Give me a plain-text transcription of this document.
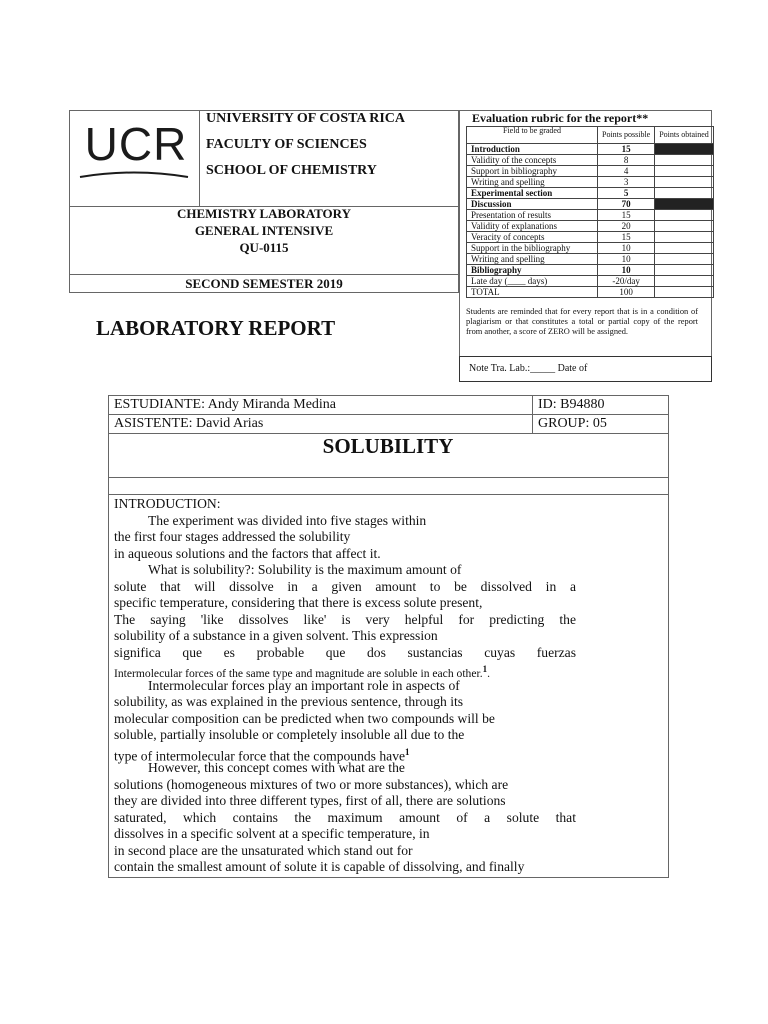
UCR	UNIVERSITY OF COSTA RICA
FACULTY OF SCIENCES
SCHOOL OF CHEMISTRY
CHEMISTRY LABORATORY
GENERAL INTENSIVE
QU-0115
SECOND SEMESTER 2019
LABORATORY REPORT
Evaluation rubric for the report**
Field to be graded	Points possible	Points obtained
Introduction	15	
Validity of the concepts	8	
Support in bibliography	4	
Writing and spelling	3	
Experimental section	5	
Discussion	70	
Presentation of results	15	
Validity of explanations	20	
Veracity of concepts	15	
Support in the bibliography	10	
Writing and spelling	10	
Bibliography	10	
Late day (____ days)	-20/day	
TOTAL	100	
Students are reminded that for every report that is in a condition of plagiarism or that constitutes a total or partial copy of the report from another, a score of ZERO will be assigned.
Note Tra. Lab.:_____ Date of
ESTUDIANTE: Andy Miranda Medina	ID: B94880
ASISTENTE: David Arias	GROUP: 05
SOLUBILITY
INTRODUCTION:
The experiment was divided into five stages within
the first four stages addressed the solubility
in aqueous solutions and the factors that affect it.
What is solubility?: Solubility is the maximum amount of
solute that will dissolve in a given amount to be dissolved in a
specific temperature, considering that there is excess solute present,
The saying 'like dissolves like' is very helpful for predicting the
solubility of a substance in a given solvent. This expression
significa que es probable que dos sustancias cuyas fuerzas
Intermolecular forces of the same type and magnitude are soluble in each other.$^1$.
Intermolecular forces play an important role in aspects of
solubility, as was explained in the previous sentence, through its
molecular composition can be predicted when two compounds will be
soluble, partially insoluble or completely insoluble all due to the
type of intermolecular force that the compounds have$^1$
However, this concept comes with what are the
solutions (homogeneous mixtures of two or more substances), which are
they are divided into three different types, first of all, there are solutions
saturated, which contains the maximum amount of a solute that
dissolves in a specific solvent at a specific temperature, in
in second place are the unsaturated which stand out for
contain the smallest amount of solute it is capable of dissolving, and finally
